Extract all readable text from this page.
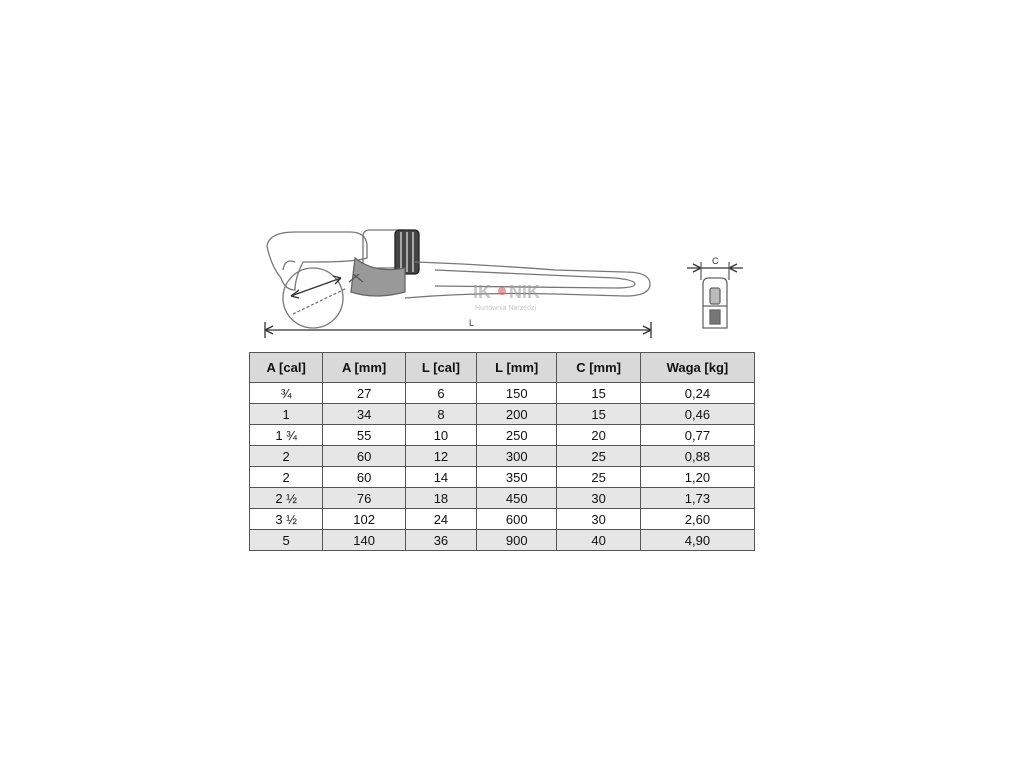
L
IK NIK
Hurtownia Narzędzi
C
A [cal]	A [mm]	L [cal]	L [mm]	C [mm]	Waga [kg]
¾	27	6	150	15	0,24
1	34	8	200	15	0,46
1 ¾	55	10	250	20	0,77
2	60	12	300	25	0,88
2	60	14	350	25	1,20
2 ½	76	18	450	30	1,73
3 ½	102	24	600	30	2,60
5	140	36	900	40	4,90
